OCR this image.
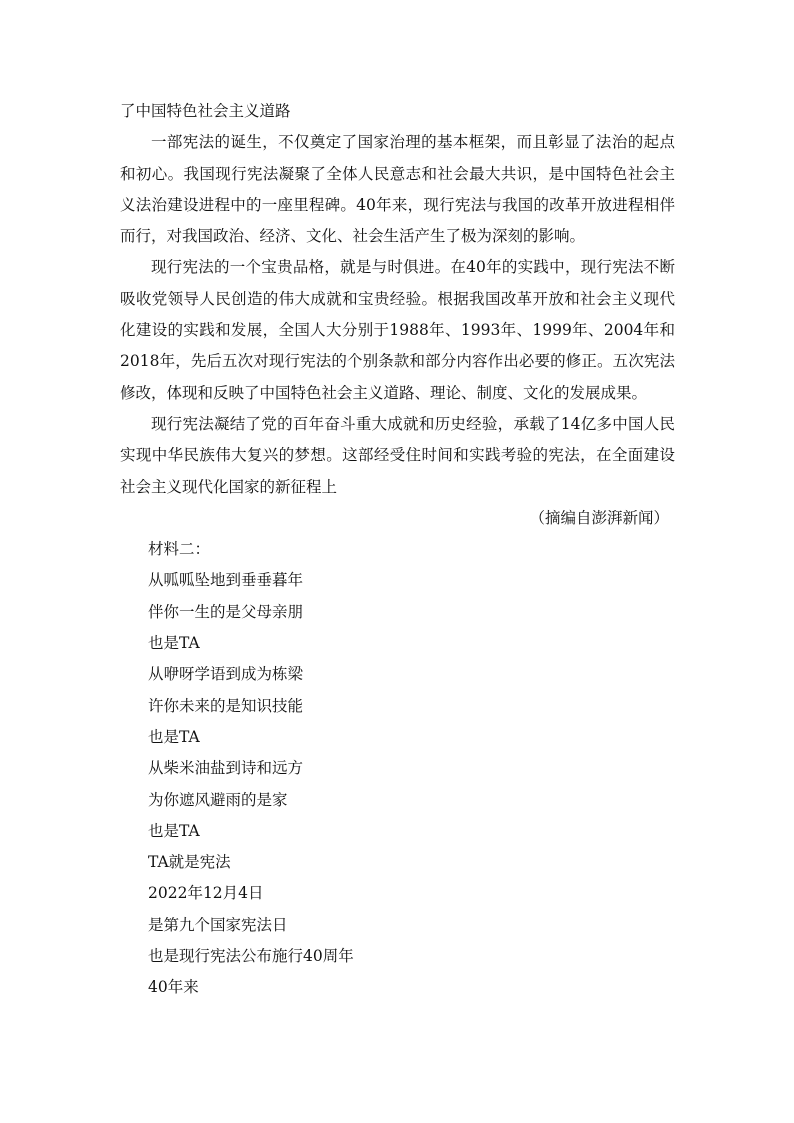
了中国特色社会主义道路

一部宪法的诞生，不仅奠定了国家治理的基本框架，而且彰显了法治的起点和初心。我国现行宪法凝聚了全体人民意志和社会最大共识，是中国特色社会主义法治建设进程中的一座里程碑。40年来，现行宪法与我国的改革开放进程相伴而行，对我国政治、经济、文化、社会生活产生了极为深刻的影响。

现行宪法的一个宝贵品格，就是与时俱进。在40年的实践中，现行宪法不断吸收党领导人民创造的伟大成就和宝贵经验。根据我国改革开放和社会主义现代化建设的实践和发展，全国人大分别于1988年、1993年、1999年、2004年和2018年，先后五次对现行宪法的个别条款和部分内容作出必要的修正。五次宪法修改，体现和反映了中国特色社会主义道路、理论、制度、文化的发展成果。

现行宪法凝结了党的百年奋斗重大成就和历史经验，承载了14亿多中国人民实现中华民族伟大复兴的梦想。这部经受住时间和实践考验的宪法，在全面建设社会主义现代化国家的新征程上

（摘编自澎湃新闻）
材料二：
从呱呱坠地到垂垂暮年
伴你一生的是父母亲朋
也是TA
从咿呀学语到成为栋梁
许你未来的是知识技能
也是TA
从柴米油盐到诗和远方
为你遮风避雨的是家
也是TA
TA就是宪法
2022年12月4日
是第九个国家宪法日
也是现行宪法公布施行40周年
40年来
